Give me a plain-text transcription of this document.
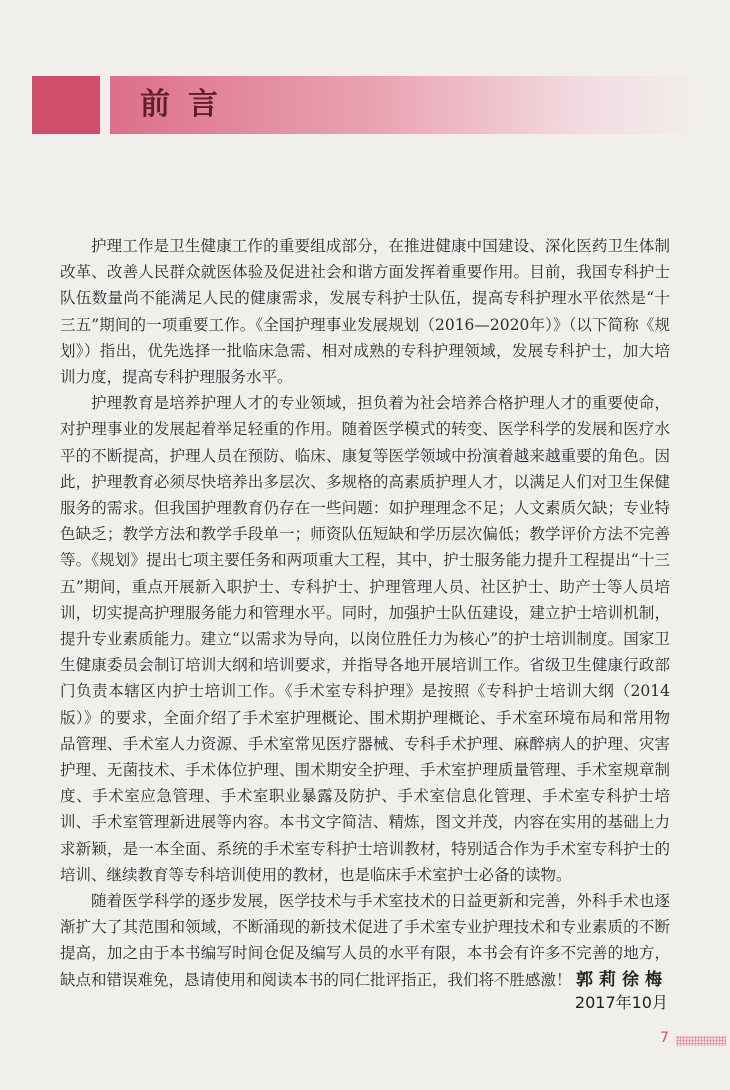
前言

护理工作是卫生健康工作的重要组成部分，在推进健康中国建设、深化医药卫生体制改革、改善人民群众就医体验及促进社会和谐方面发挥着重要作用。目前，我国专科护士队伍数量尚不能满足人民的健康需求，发展专科护士队伍，提高专科护理水平依然是“十三五”期间的一项重要工作。《全国护理事业发展规划（2016—2020年）》（以下简称《规划》）指出，优先选择一批临床急需、相对成熟的专科护理领域，发展专科护士，加大培训力度，提高专科护理服务水平。

护理教育是培养护理人才的专业领域，担负着为社会培养合格护理人才的重要使命，对护理事业的发展起着举足轻重的作用。随着医学模式的转变、医学科学的发展和医疗水平的不断提高，护理人员在预防、临床、康复等医学领域中扮演着越来越重要的角色。因此，护理教育必须尽快培养出多层次、多规格的高素质护理人才，以满足人们对卫生保健服务的需求。但我国护理教育仍存在一些问题：如护理理念不足；人文素质欠缺；专业特色缺乏；教学方法和教学手段单一；师资队伍短缺和学历层次偏低；教学评价方法不完善等。《规划》提出七项主要任务和两项重大工程，其中，护士服务能力提升工程提出“十三五”期间，重点开展新入职护士、专科护士、护理管理人员、社区护士、助产士等人员培训，切实提高护理服务能力和管理水平。同时，加强护士队伍建设，建立护士培训机制，提升专业素质能力。建立“以需求为导向，以岗位胜任力为核心”的护士培训制度。国家卫生健康委员会制订培训大纲和培训要求，并指导各地开展培训工作。省级卫生健康行政部门负责本辖区内护士培训工作。《手术室专科护理》是按照《专科护士培训大纲（2014版）》的要求，全面介绍了手术室护理概论、围术期护理概论、手术室环境布局和常用物品管理、手术室人力资源、手术室常见医疗器械、专科手术护理、麻醉病人的护理、灾害护理、无菌技术、手术体位护理、围术期安全护理、手术室护理质量管理、手术室规章制度、手术室应急管理、手术室职业暴露及防护、手术室信息化管理、手术室专科护士培训、手术室管理新进展等内容。本书文字简洁、精炼，图文并茂，内容在实用的基础上力求新颖，是一本全面、系统的手术室专科护士培训教材，特别适合作为手术室专科护士的培训、继续教育等专科培训使用的教材，也是临床手术室护士必备的读物。

随着医学科学的逐步发展，医学技术与手术室技术的日益更新和完善，外科手术也逐渐扩大了其范围和领域，不断涌现的新技术促进了手术室专业护理技术和专业素质的不断提高，加之由于本书编写时间仓促及编写人员的水平有限，本书会有许多不完善的地方，缺点和错误难免，恳请使用和阅读本书的同仁批评指正，我们将不胜感激！ 郭莉徐梅
2017年10月
7
